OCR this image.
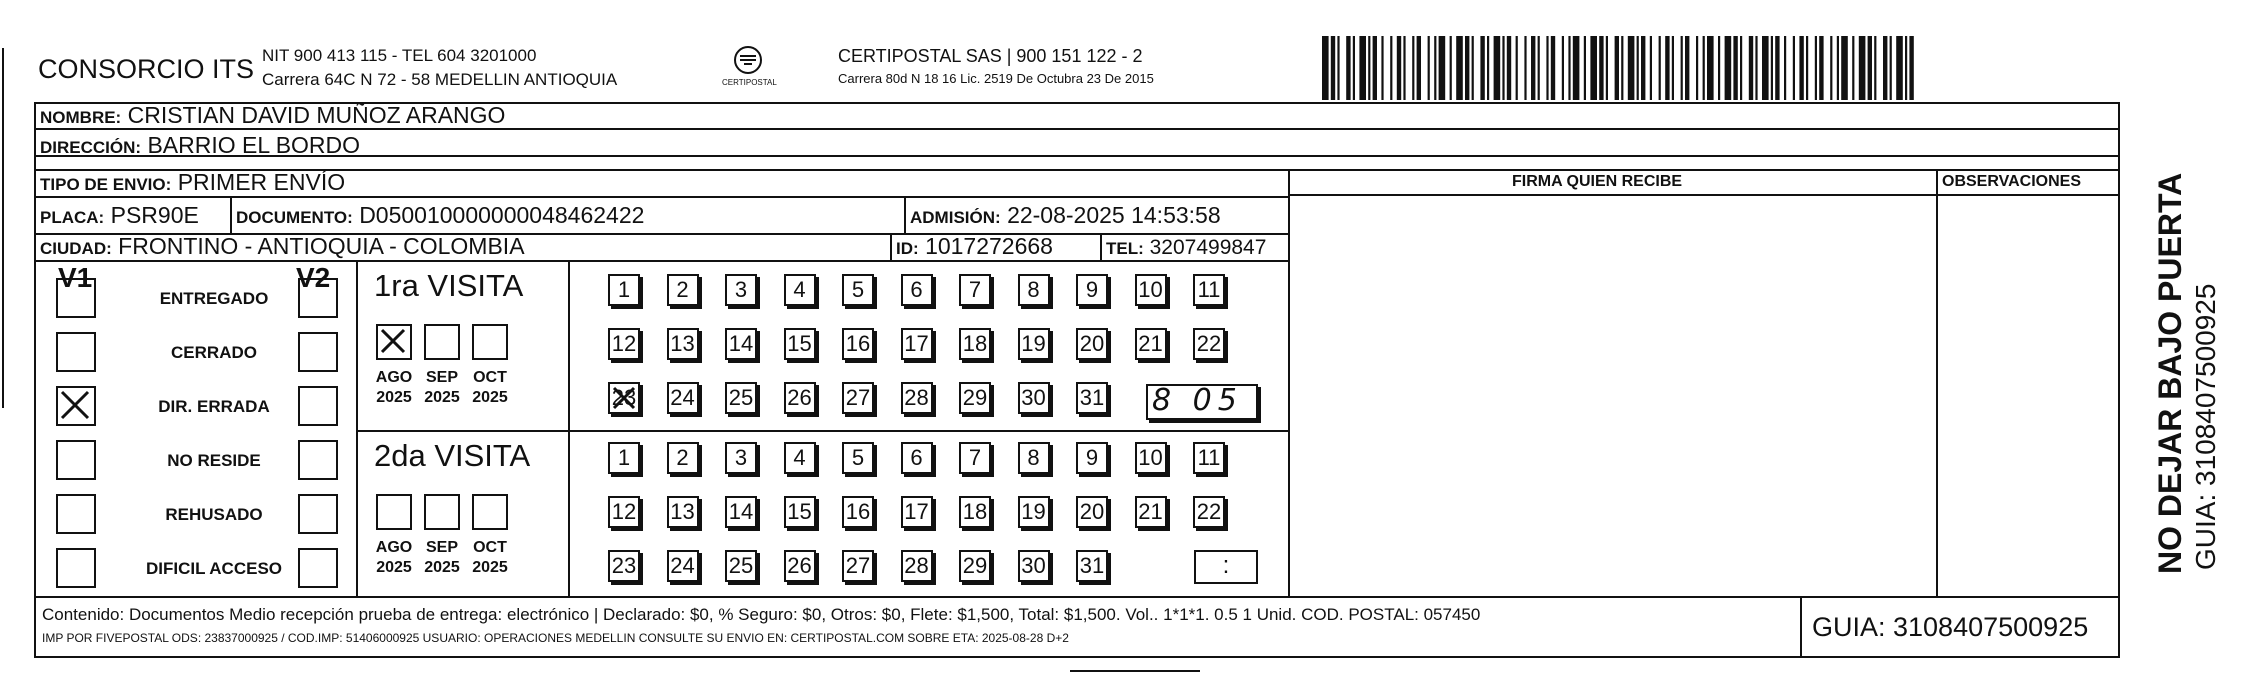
CONSORCIO ITS NIT 900 413 115 - TEL 604 3201000
Carrera 64C N 72 - 58 MEDELLIN ANTIOQUIA	CERTIPOSTAL
CERTIPOSTAL SAS | 900 151 122 - 2
Carrera 80d N 18 16 Lic. 2519 De Octubra 23 De 2015
NOMBRE: CRISTIAN DAVID MUÑOZ ARANGO
DIRECCIÓN: BARRIO EL BORDO
TIPO DE ENVIO: PRIMER ENVÍO	FIRMA QUIEN RECIBE	OBSERVACIONES
PLACA: PSR90E DOCUMENTO: D050010000000048462422	ADMISIÓN: 22-08-2025 14:53:58
CIUDAD: FRONTINO - ANTIOQUIA - COLOMBIA	ID: 1017272668	TEL: 3207499847
V1	V2
ENTREGADO
CERRADO
DIR. ERRADA
NO RESIDE
REHUSADO
DIFICIL ACCESO
1ra VISITA
AGO
2025
SEP
2025
OCT
2025
1	2	3	4	5	6	7	8	9	10 11
12 13 14 15 16 17 18 19 20 21 22
23 24 25 26 27 28 29 30 31 8 05
2da VISITA
AGO
2025
SEP
2025
OCT
2025
1	2	3	4	5	6	7	8	9	10 11
12 13 14 15 16 17 18 19 20 21 22
23 24 25 26 27 28 29 30 31	:
Contenido: Documentos Medio recepción prueba de entrega: electrónico | Declarado: $0, % Seguro: $0, Otros: $0, Flete: $1,500, Total: $1,500. Vol.. 1*1*1. 0.5 1 Unid. COD. POSTAL: 057450
IMP POR FIVEPOSTAL ODS: 23837000925 / COD.IMP: 51406000925 USUARIO: OPERACIONES MEDELLIN CONSULTE SU ENVIO EN: CERTIPOSTAL.COM SOBRE ETA: 2025-08-28 D+2	GUIA: 3108407500925
NO DEJAR BAJO PUERTA GUIA: 3108407500925
